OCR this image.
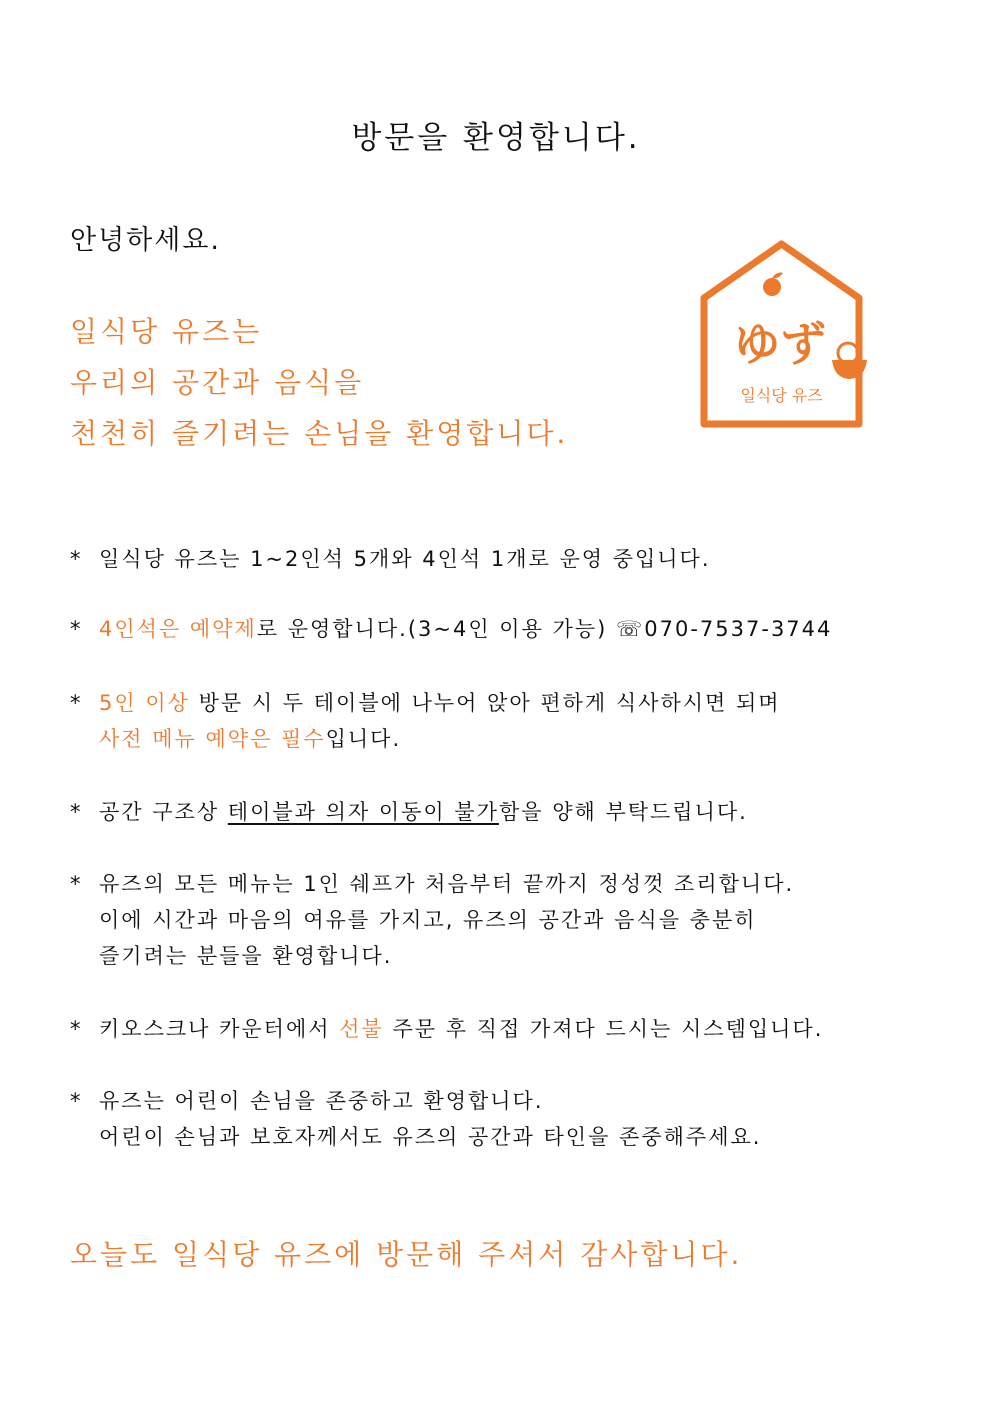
방문을 환영합니다.
안녕하세요.
일식당 유즈는
우리의 공간과 음식을
천천히 즐기려는 손님을 환영합니다.
ゆず
일식당 유즈
* 일식당 유즈는 1~2인석 5개와 4인석 1개로 운영 중입니다.
* 4인석은 예약제로 운영합니다.(3~4인 이용 가능) ☏070-7537-3744
* 5인 이상 방문 시 두 테이블에 나누어 앉아 편하게 식사하시면 되며
사전 메뉴 예약은 필수입니다.
* 공간 구조상 테이블과 의자 이동이 불가함을 양해 부탁드립니다.
* 유즈의 모든 메뉴는 1인 쉐프가 처음부터 끝까지 정성껏 조리합니다.
이에 시간과 마음의 여유를 가지고, 유즈의 공간과 음식을 충분히
즐기려는 분들을 환영합니다.
* 키오스크나 카운터에서 선불 주문 후 직접 가져다 드시는 시스템입니다.
* 유즈는 어린이 손님을 존중하고 환영합니다.
어린이 손님과 보호자께서도 유즈의 공간과 타인을 존중해주세요.
오늘도 일식당 유즈에 방문해 주셔서 감사합니다.
